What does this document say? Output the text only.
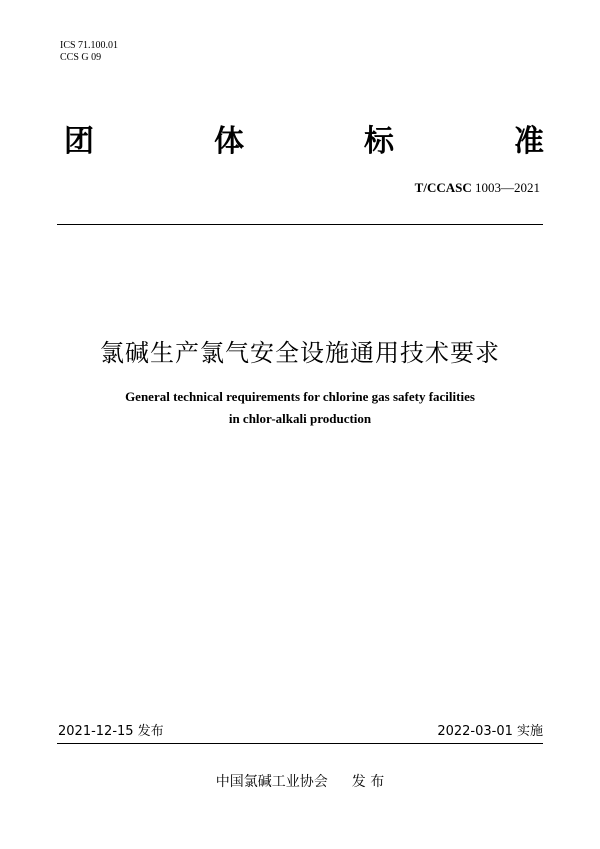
ICS 71.100.01
CCS G 09
团	体	标	准
T/CCASC 1003—2021
氯碱生产氯气安全设施通用技术要求
General technical requirements for chlorine gas safety facilities
in chlor-alkali production
2021-12-15 发布	2022-03-01 实施
中国氯碱工业协会 发 布
